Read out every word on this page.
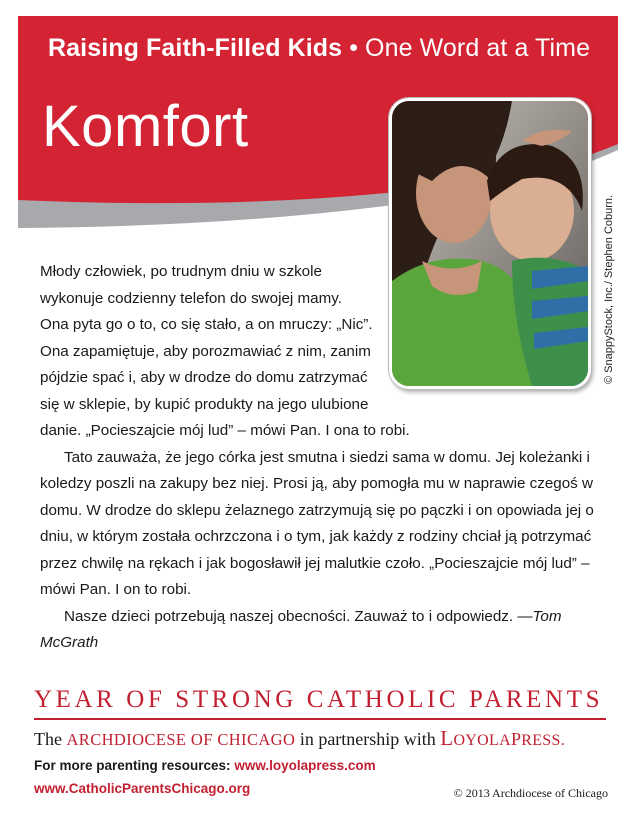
Raising Faith-Filled Kids • One Word at a Time
Komfort
© SnappyStock, Inc./ Stephen Coburn.
Młody człowiek, po trudnym dniu w szkole
wykonuje codzienny telefon do swojej mamy.
Ona pyta go o to, co się stało, a on mruczy: „Nic”.
Ona zapamiętuje, aby porozmawiać z nim, zanim
pójdzie spać i, aby w drodze do domu zatrzymać
się w sklepie, by kupić produkty na jego ulubione
danie. „Pocieszajcie mój lud” – mówi Pan. I ona to robi.

Tato zauważa, że jego córka jest smutna i siedzi sama w domu. Jej koleżanki i koledzy poszli na zakupy bez niej. Prosi ją, aby pomogła mu w naprawie czegoś w domu. W drodze do sklepu żelaznego zatrzymują się po pączki i on opowiada jej o dniu, w którym została ochrzczona i o tym, jak każdy z rodziny chciał ją potrzymać przez chwilę na rękach i jak bogosławił jej malutkie czoło. „Pocieszajcie mój lud” – mówi Pan. I on to robi.

Nasze dzieci potrzebują naszej obecności. Zauważ to i odpowiedz. —Tom McGrath

YEAR OF STRONG CATHOLIC PARENTS
The ARCHDIOCESE OF CHICAGO in partnership with LOYOLAPRESS.
For more parenting resources: www.loyolapress.com
www.CatholicParentsChicago.org	© 2013 Archdiocese of Chicago
